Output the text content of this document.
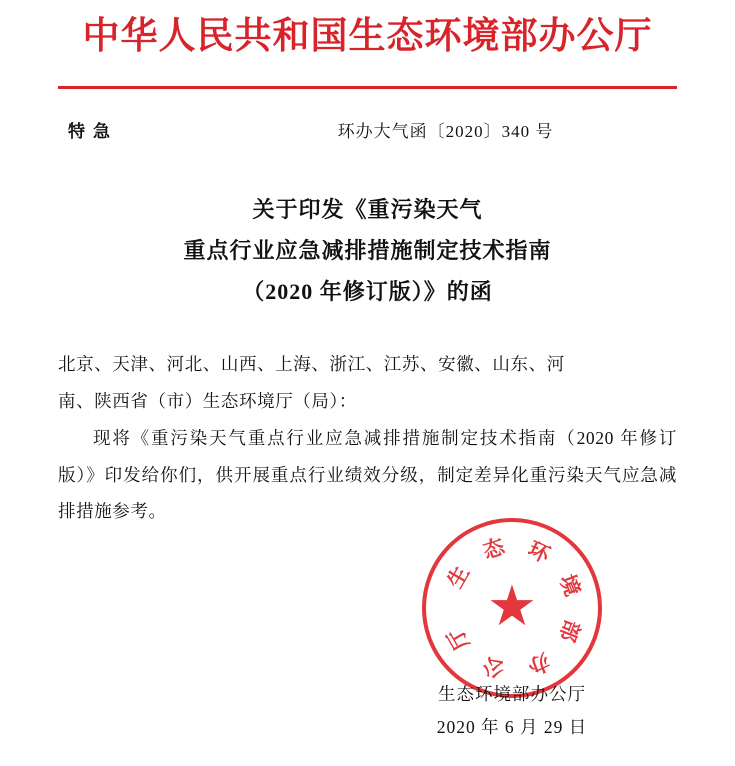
中华人民共和国生态环境部办公厅
特急	环办大气函〔2020〕340 号
关于印发《重污染天气
重点行业应急减排措施制定技术指南
（2020 年修订版）》的函

北京、天津、河北、山西、上海、浙江、江苏、安徽、山东、河

南、陕西省（市）生态环境厅（局）：

现将《重污染天气重点行业应急减排措施制定技术指南（2020 年修订版）》印发给你们，供开展重点行业绩效分级，制定差异化重污染天气应急减排措施参考。

生
态 环
境
部
办
公
厅
★
生态环境部办公厅
2020 年 6 月 29 日
